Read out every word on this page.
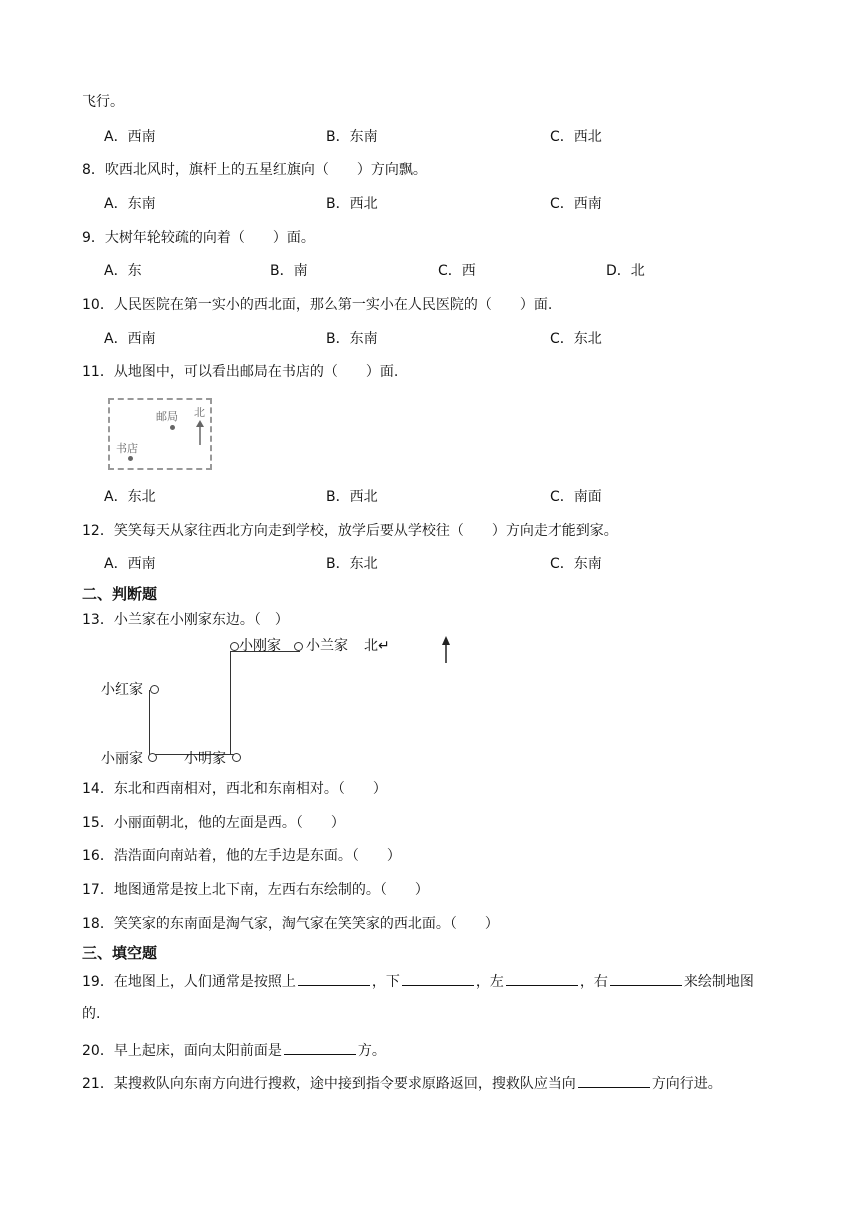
飞行。
A．西南	B．东南	C．西北
8．吹西北风时，旗杆上的五星红旗向（　　）方向飘。
A．东南	B．西北	C．西南
9．大树年轮较疏的向着（　　）面。
A．东	B．南	C．西	D．北
10．人民医院在第一实小的西北面，那么第一实小在人民医院的（　　）面.
A．西南	B．东南	C．东北
11．从地图中，可以看出邮局在书店的（　　）面.
邮局 北
书店
A．东北	B．西北	C．南面
12．笑笑每天从家往西北方向走到学校，放学后要从学校往（　　）方向走才能到家。
A．西南	B．东北	C．东南
二、判断题
13．小兰家在小刚家东边。（　）
小刚家 小兰家 北↵
小红家
小丽家	小明家
14．东北和西南相对，西北和东南相对。（　　）
15．小丽面朝北，他的左面是西。（　　）
16．浩浩面向南站着，他的左手边是东面。（　　）
17．地图通常是按上北下南，左西右东绘制的。（　　）
18．笑笑家的东南面是淘气家，淘气家在笑笑家的西北面。（　　）
三、填空题
19．在地图上，人们通常是按照上	，下	，左	，右	来绘制地图
的.
20．早上起床，面向太阳前面是	方。
21．某搜救队向东南方向进行搜救，途中接到指令要求原路返回，搜救队应当向	方向行进。
